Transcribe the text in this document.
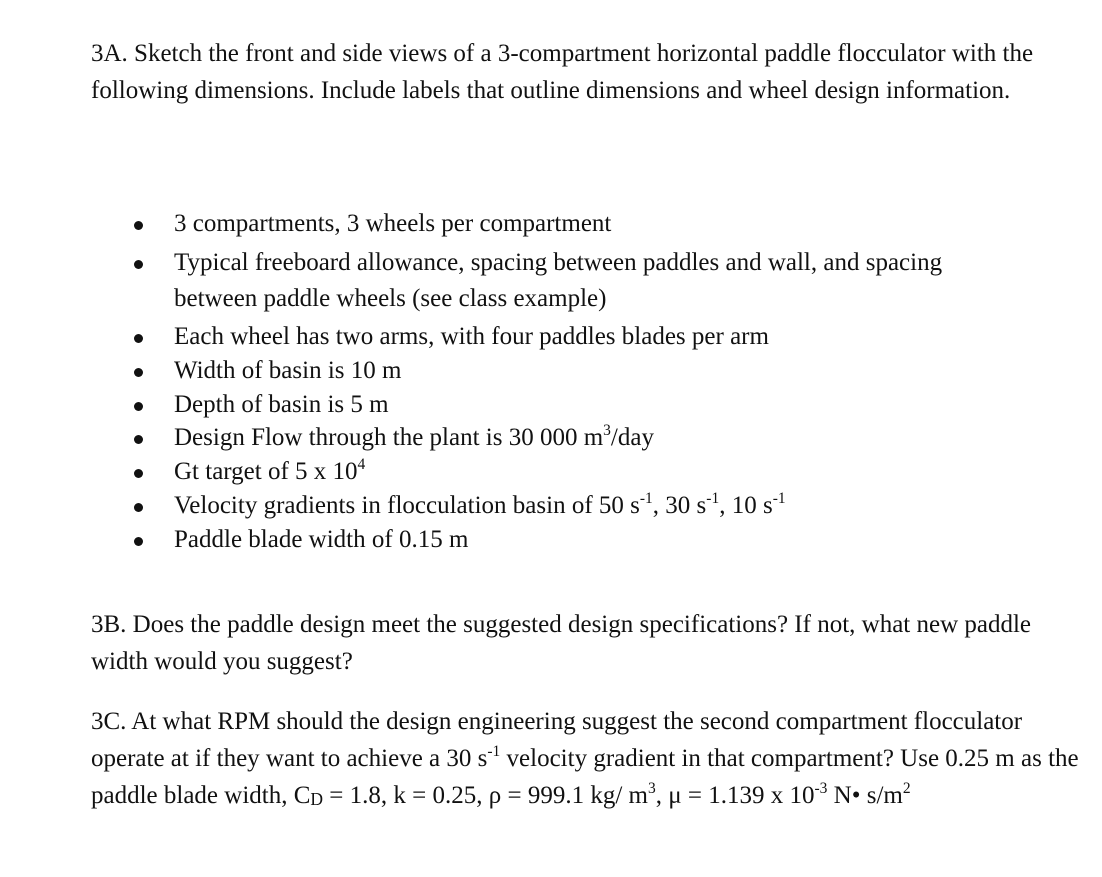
3A. Sketch the front and side views of a 3-compartment horizontal paddle flocculator with the following dimensions. Include labels that outline dimensions and wheel design information.

3 compartments, 3 wheels per compartment
Typical freeboard allowance, spacing between paddles and wall, and spacing
between paddle wheels (see class example)
Each wheel has two arms, with four paddles blades per arm
Width of basin is 10 m
Depth of basin is 5 m
Design Flow through the plant is 30 000 $m^3$/day
Gt target of 5 x $10^4$
Velocity gradients in flocculation basin of 50 $s^{-1}$, 30 $s^{-1}$, 10 $s^{-1}$
Paddle blade width of 0.15 m

3B. Does the paddle design meet the suggested design specifications? If not, what new paddle width would you suggest?

3C. At what RPM should the design engineering suggest the second compartment flocculator operate at if they want to achieve a 30 $s^{-1}$ velocity gradient in that compartment? Use 0.25 m as the paddle blade width, CD = 1.8, k = 0.25, ρ = 999.1 kg/ $m^3$, μ = 1.139 x $10^{-3}$ N• $s/m^2$
